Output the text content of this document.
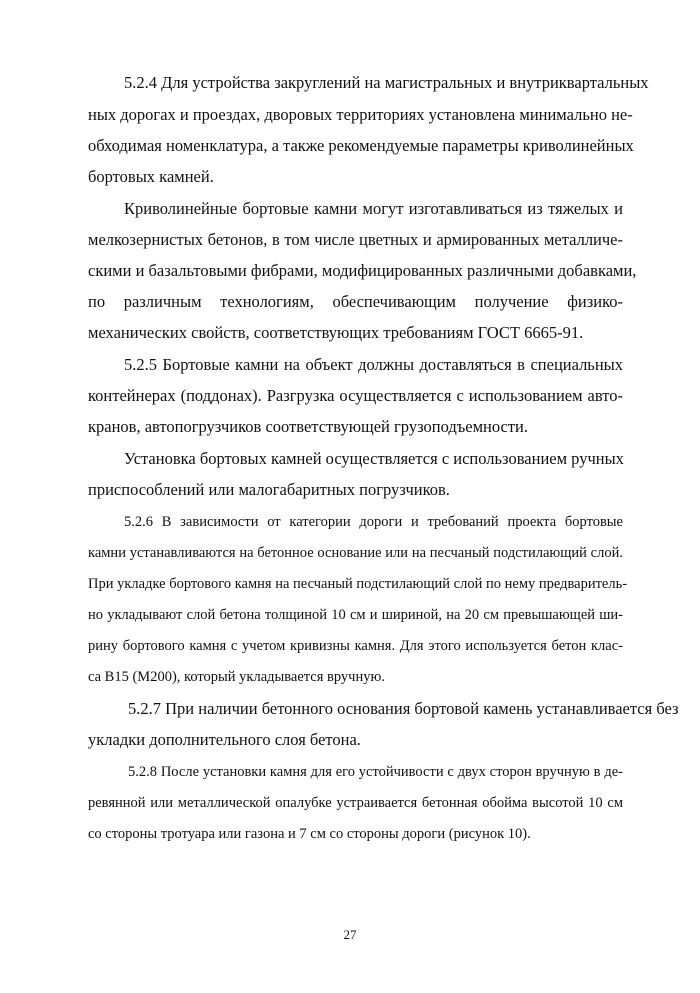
5.2.4 Для устройства закруглений на магистральных и внутриквартальных
ных дорогах и проездах, дворовых территориях установлена минимально не-
обходимая номенклатура, а также рекомендуемые параметры криволинейных
бортовых камней.
Криволинейные бортовые камни могут изготавливаться из тяжелых и
мелкозернистых бетонов, в том числе цветных и армированных металличе-
скими и базальтовыми фибрами, модифицированных различными добавками,
по различным технологиям, обеспечивающим получение физико-
механических свойств, соответствующих требованиям ГОСТ 6665-91.
5.2.5 Бортовые камни на объект должны доставляться в специальных
контейнерах (поддонах). Разгрузка осуществляется с использованием авто-
кранов, автопогрузчиков соответствующей грузоподъемности.
Установка бортовых камней осуществляется с использованием ручных
приспособлений или малогабаритных погрузчиков.
5.2.6 В зависимости от категории дороги и требований проекта бортовые
камни устанавливаются на бетонное основание или на песчаный подстилающий слой.
При укладке бортового камня на песчаный подстилающий слой по нему предваритель-
но укладывают слой бетона толщиной 10 см и шириной, на 20 см превышающей ши-
рину бортового камня с учетом кривизны камня. Для этого используется бетон клас-
са В15 (М200), который укладывается вручную.
5.2.7 При наличии бетонного основания бортовой камень устанавливается без
укладки дополнительного слоя бетона.
5.2.8 После установки камня для его устойчивости с двух сторон вручную в де-
ревянной или металлической опалубке устраивается бетонная обойма высотой 10 см
со стороны тротуара или газона и 7 см со стороны дороги (рисунок 10).
27
